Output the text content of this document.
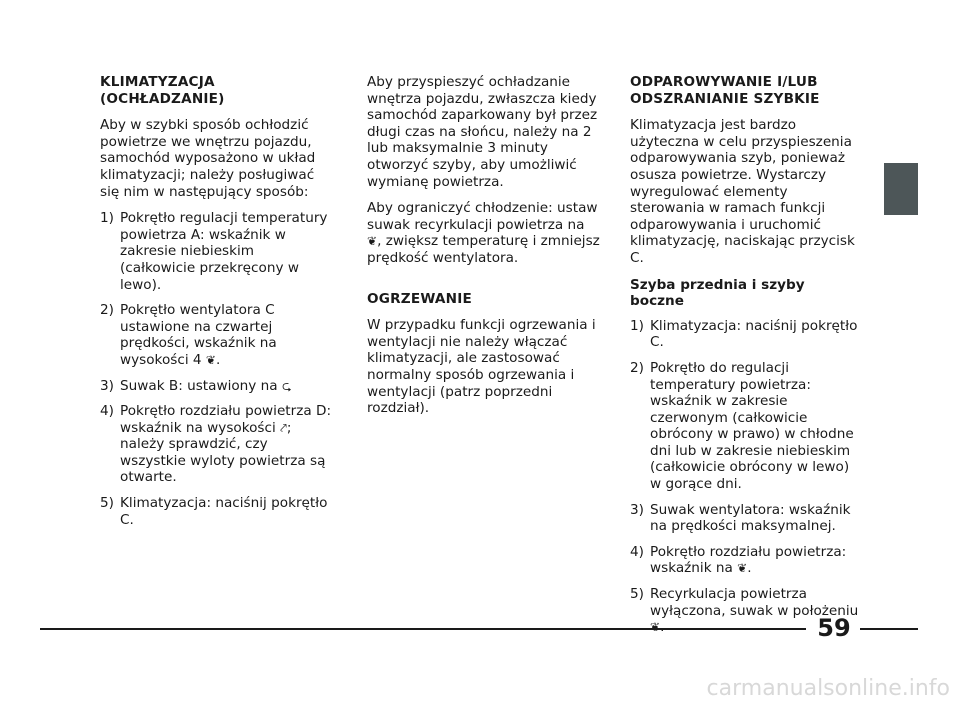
KLIMATYZACJA (OCHŁADZANIE)

Aby w szybki sposób ochłodzić powietrze we wnętrzu pojazdu, samochód wyposażono w układ klimatyzacji; należy posługiwać się nim w następujący sposób:

1) Pokrętło regulacji temperatury powietrza A: wskaźnik w zakresie niebieskim (całkowicie przekręcony w lewo).
2) Pokrętło wentylatora C ustawione na czwartej prędkości, wskaźnik na wysokości 4 ❦.
3) Suwak B: ustawiony na ⮎
4) Pokrętło rozdziału powietrza D: wskaźnik na wysokości ⤤; należy sprawdzić, czy wszystkie wyloty powietrza są otwarte.
5) Klimatyzacja: naciśnij pokrętło C.

Aby przyspieszyć ochładzanie wnętrza pojazdu, zwłaszcza kiedy samochód zaparkowany był przez długi czas na słońcu, należy na 2 lub maksymalnie 3 minuty otworzyć szyby, aby umożliwić wymianę powietrza.

Aby ograniczyć chłodzenie: ustaw suwak recyrkulacji powietrza na ❦, zwiększ temperaturę i zmniejsz prędkość wentylatora.

OGRZEWANIE

W przypadku funkcji ogrzewania i wentylacji nie należy włączać klimatyzacji, ale zastosować normalny sposób ogrzewania i wentylacji (patrz poprzedni rozdział).

ODPAROWYWANIE I/LUB ODSZRANIANIE SZYBKIE

Klimatyzacja jest bardzo użyteczna w celu przyspieszenia odparowywania szyb, ponieważ osusza powietrze. Wystarczy wyregulować elementy sterowania w ramach funkcji odparowywania i uruchomić klimatyzację, naciskając przycisk C.

Szyba przednia i szyby boczne
1) Klimatyzacja: naciśnij pokrętło C.
2) Pokrętło do regulacji temperatury powietrza: wskaźnik w zakresie czerwonym (całkowicie obrócony w prawo) w chłodne dni lub w zakresie niebieskim (całkowicie obrócony w lewo) w gorące dni.
3) Suwak wentylatora: wskaźnik na prędkości maksymalnej.
4) Pokrętło rozdziału powietrza: wskaźnik na ❦.
5) Recyrkulacja powietrza wyłączona, suwak w położeniu
59
carmanualsonline.info
